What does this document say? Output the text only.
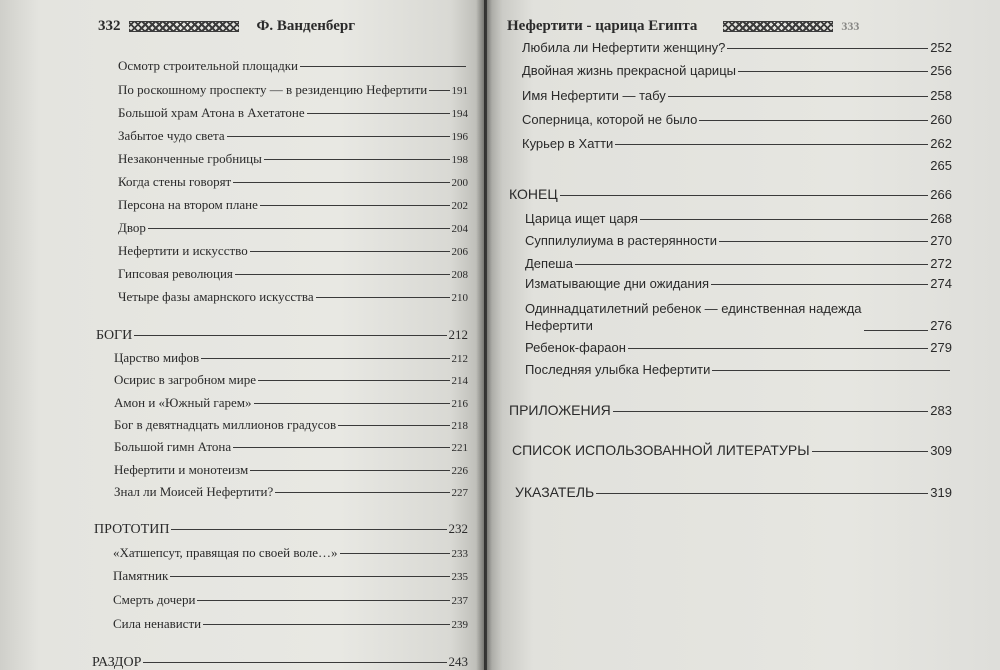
332	Ф. Ванденберг
Осмотр строительной площадки
По роскошному проспекту — в резиденцию Нефертити 191
Большой храм Атона в Ахетатоне	194
Забытое чудо света	196
Незаконченные гробницы	198
Когда стены говорят	200
Персона на втором плане	202
Двор	204
Нефертити и искусство	206
Гипсовая революция	208
Четыре фазы амарнского искусства	210
БОГИ	212
Царство мифов	212
Осирис в загробном мире	214
Амон и «Южный гарем»	216
Бог в девятнадцать миллионов градусов	218
Большой гимн Атона	221
Нефертити и монотеизм	226
Знал ли Моисей Нефертити?	227
ПРОТОТИП	232
«Хатшепсут, правящая по своей воле…»	233
Памятник	235
Смерть дочери	237
Сила ненависти	239
РАЗДОР	243
Нефертити - царица Египта	333
Любила ли Нефертити женщину?	252
Двойная жизнь прекрасной царицы	256
Имя Нефертити — табу	258
Соперница, которой не было	260
Курьер в Хатти	262
265
КОНЕЦ	266
Царица ищет царя	268
Суппилулиума в растерянности	270
Депеша	272
Изматывающие дни ожидания	274
Одиннадцатилетний ребенок — единственная надежда
Нефертити	276
Ребенок-фараон	279
Последняя улыбка Нефертити
ПРИЛОЖЕНИЯ	283
СПИСОК ИСПОЛЬЗОВАННОЙ ЛИТЕРАТУРЫ	309
УКАЗАТЕЛЬ	319
